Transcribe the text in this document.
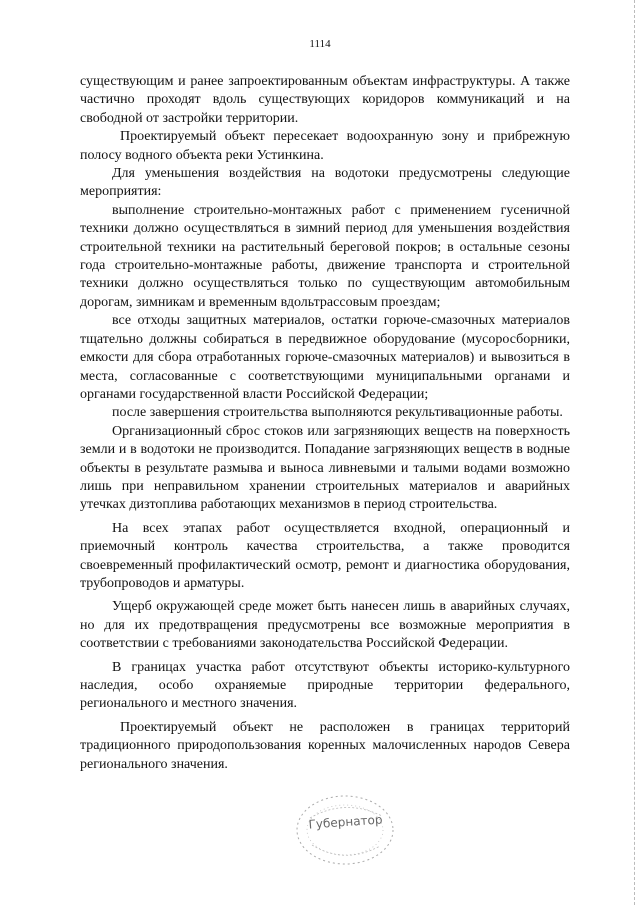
1114

существующим и ранее запроектированным объектам инфраструктуры. А также частично проходят вдоль существующих коридоров коммуникаций и на свободной от застройки территории.

Проектируемый объект пересекает водоохранную зону и прибрежную полосу водного объекта реки Устинкина.

Для уменьшения воздействия на водотоки предусмотрены следующие мероприятия:

выполнение строительно-монтажных работ с применением гусеничной техники должно осуществляться в зимний период для уменьшения воздействия строительной техники на растительный береговой покров; в остальные сезоны года строительно-монтажные работы, движение транспорта и строительной техники должно осуществляться только по существующим автомобильным дорогам, зимникам и временным вдольтрассовым проездам;

все отходы защитных материалов, остатки горюче-смазочных материалов тщательно должны собираться в передвижное оборудование (мусоросборники, емкости для сбора отработанных горюче-смазочных материалов) и вывозиться в места, согласованные с соответствующими муниципальными органами и органами государственной власти Российской Федерации;

после завершения строительства выполняются рекультивационные работы.

Организационный сброс стоков или загрязняющих веществ на поверхность земли и в водотоки не производится. Попадание загрязняющих веществ в водные объекты в результате размыва и выноса ливневыми и талыми водами возможно лишь при неправильном хранении строительных материалов и аварийных утечках дизтоплива работающих механизмов в период строительства.

На всех этапах работ осуществляется входной, операционный и приемочный контроль качества строительства, а также проводится своевременный профилактический осмотр, ремонт и диагностика оборудования, трубопроводов и арматуры.

Ущерб окружающей среде может быть нанесен лишь в аварийных случаях, но для их предотвращения предусмотрены все возможные мероприятия в соответствии с требованиями законодательства Российской Федерации.

В границах участка работ отсутствуют объекты историко-культурного наследия, особо охраняемые природные территории федерального, регионального и местного значения.

Проектируемый объект не расположен в границах территорий традиционного природопользования коренных малочисленных народов Севера регионального значения.

Губернатор
